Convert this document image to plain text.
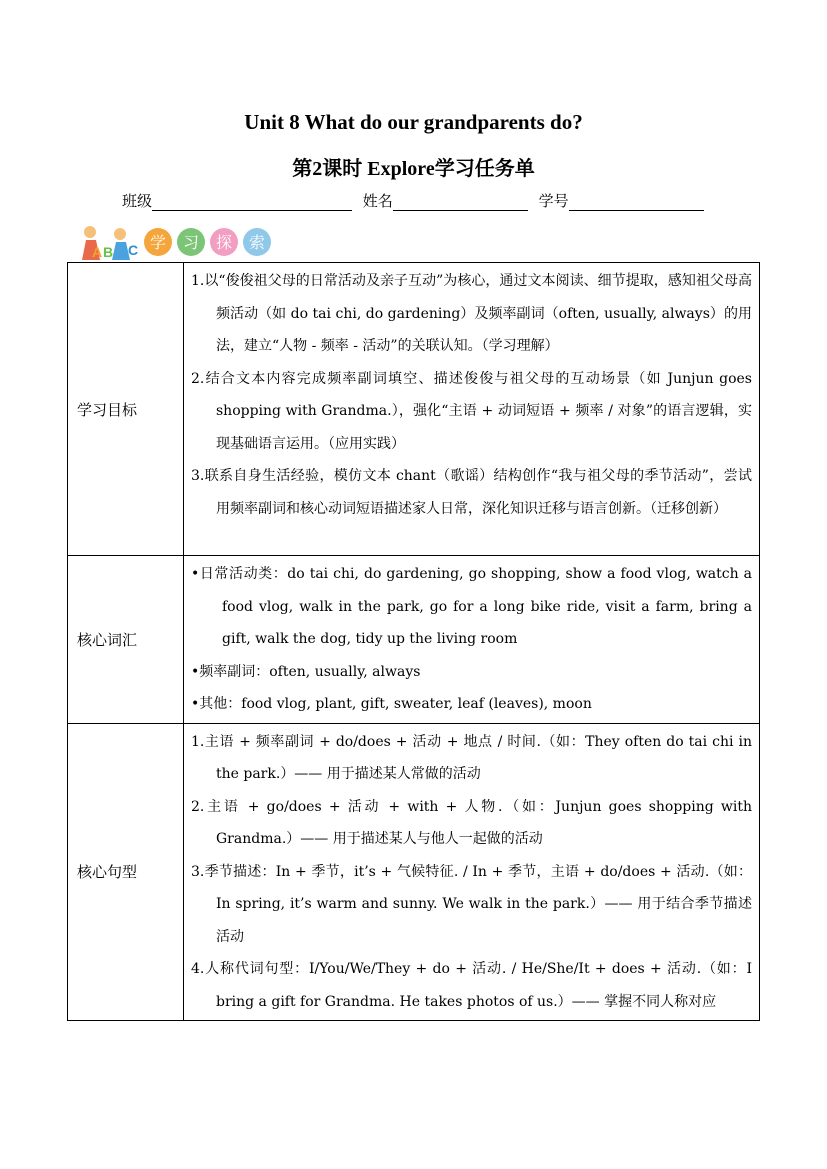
Unit 8 What do our grandparents do?
第2课时 Explore学习任务单
班级	姓名	学号
A B C 学 习 探 索
学习目标	1.以“俊俊祖父母的日常活动及亲子互动”为核心，通过文本阅读、细节提取，感知祖父母高频活动（如 do tai chi, do gardening）及频率副词（often, usually, always）的用法，建立“人物 - 频率 - 活动”的关联认知。（学习理解）
2.结合文本内容完成频率副词填空、描述俊俊与祖父母的互动场景（如 Junjun goes shopping with Grandma.），强化“主语 + 动词短语 + 频率 / 对象”的语言逻辑，实现基础语言运用。（应用实践）
3.联系自身生活经验，模仿文本 chant（歌谣）结构创作“我与祖父母的季节活动”，尝试用频率副词和核心动词短语描述家人日常，深化知识迁移与语言创新。（迁移创新）

核心词汇	•日常活动类：do tai chi, do gardening, go shopping, show a food vlog, watch a food vlog, walk in the park, go for a long bike ride, visit a farm, bring a gift, walk the dog, tidy up the living room
•频率副词：often, usually, always
•其他：food vlog, plant, gift, sweater, leaf (leaves), moon

核心句型	1.主语 + 频率副词 + do/does + 活动 + 地点 / 时间.（如：They often do tai chi in the park.）—— 用于描述某人常做的活动
2.主语 + go/does + 活动 + with + 人物.（如：Junjun goes shopping with Grandma.）—— 用于描述某人与他人一起做的活动
3.季节描述：In + 季节，it’s + 气候特征. / In + 季节，主语 + do/does + 活动.（如：In spring, it’s warm and sunny. We walk in the park.）—— 用于结合季节描述活动
4.人称代词句型：I/You/We/They + do + 活动. / He/She/It + does + 活动.（如：I bring a gift for Grandma. He takes photos of us.）—— 掌握不同人称对应
